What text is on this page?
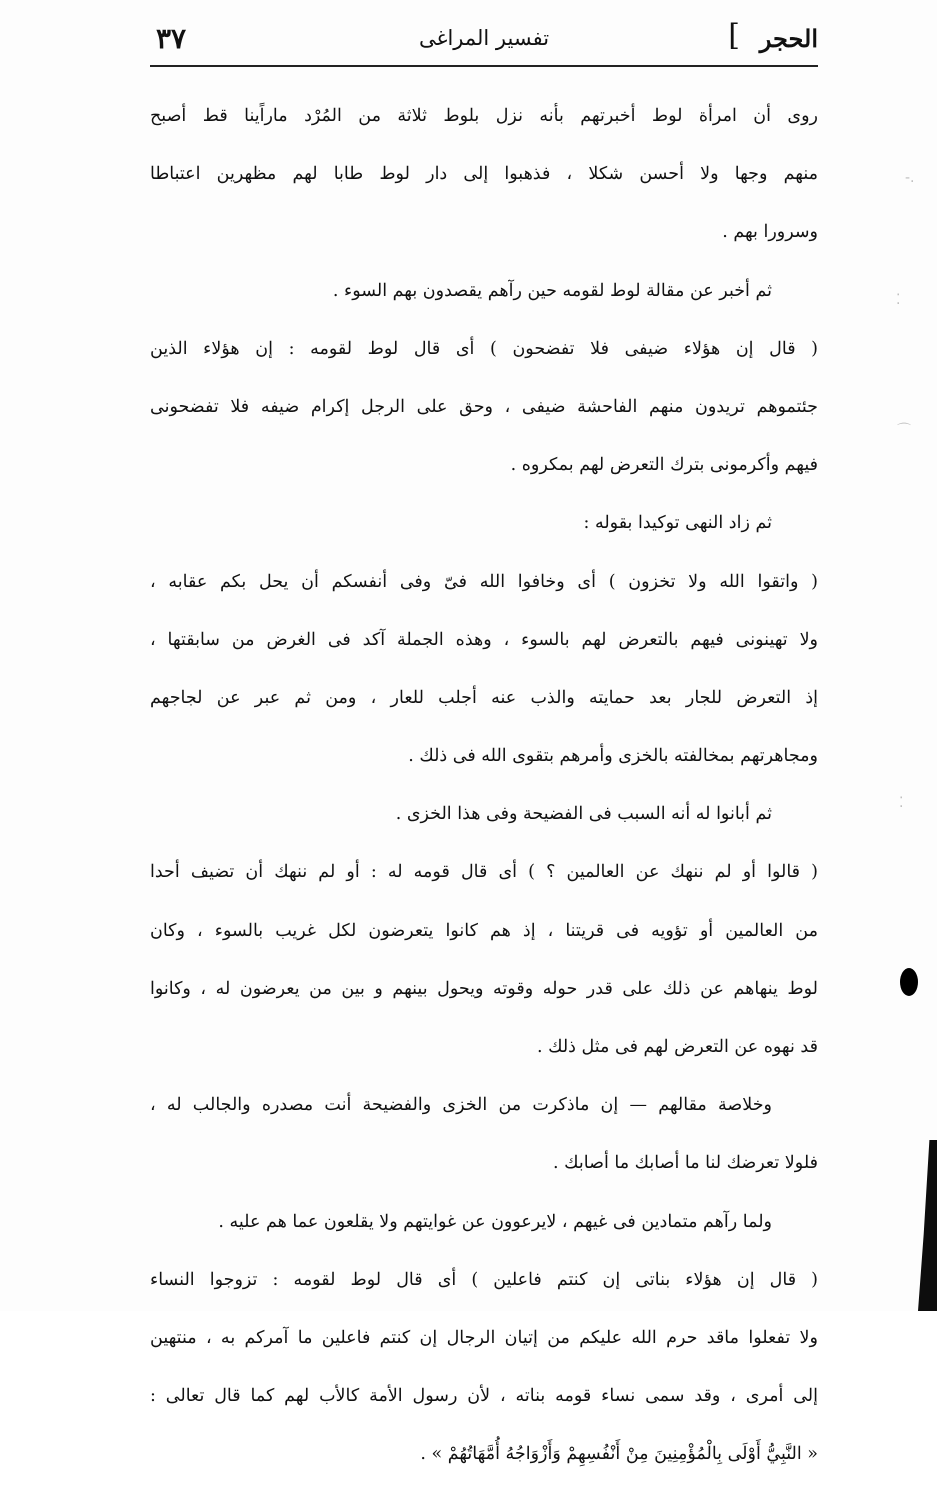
الحجر
]
تفسير المراغى
٣٧
روى أن امرأة لوط أخبرتهم بأنه نزل بلوط ثلاثة من المُرْد ماراًينا قط أصبح
منهم وجها ولا أحسن شكلا ، فذهبوا إلى دار لوط طابا لهم مظهرين اعتباطا
وسرورا بهم .
ثم أخبر عن مقالة لوط لقومه حين رآهم يقصدون بهم السوء .
( قال إن هؤلاء ضيفى فلا تفضحون ) أى قال لوط لقومه : إن هؤلاء الذين
جئتموهم تريدون منهم الفاحشة ضيفى ، وحق على الرجل إكرام ضيفه فلا تفضحونى
فيهم وأكرمونى بترك التعرض لهم بمكروه .
ثم زاد النهى توكيدا بقوله :
( واتقوا الله ولا تخزون ) أى وخافوا الله فىّ وفى أنفسكم أن يحل بكم عقابه ،
ولا تهينونى فيهم بالتعرض لهم بالسوء ، وهذه الجملة آكد فى الغرض من سابقتها ،
إذ التعرض للجار بعد حمايته والذب عنه أجلب للعار ، ومن ثم عبر عن لجاجهم
ومجاهرتهم بمخالفته بالخزى وأمرهم بتقوى الله فى ذلك .
ثم أبانوا له أنه السبب فى الفضيحة وفى هذا الخزى .
( قالوا أو لم ننهك عن العالمين ؟ ) أى قال قومه له : أو لم ننهك أن تضيف أحدا
من العالمين أو تؤويه فى قريتنا ، إذ هم كانوا يتعرضون لكل غريب بالسوء ، وكان
لوط ينهاهم عن ذلك على قدر حوله وقوته ويحول بينهم و بين من يعرضون له ، وكانوا
قد نهوه عن التعرض لهم فى مثل ذلك .
وخلاصة مقالهم — إن ماذكرت من الخزى والفضيحة أنت مصدره والجالب له ،
فلولا تعرضك لنا ما أصابك ما أصابك .
ولما رآهم متمادين فى غيهم ، لايرعوون عن غوايتهم ولا يقلعون عما هم عليه .
( قال إن هؤلاء بناتى إن كنتم فاعلين ) أى قال لوط لقومه : تزوجوا النساء
ولا تفعلوا ماقد حرم الله عليكم من إتيان الرجال إن كنتم فاعلين ما آمركم به ، منتهين
إلى أمرى ، وقد سمى نساء قومه بناته ، لأن رسول الأمة كالأب لهم كما قال تعالى :
« النَّبِيُّ أَوْلَى بِالْمُؤْمِنِينَ مِنْ أَنْفُسِهِمْ وَأَزْوَاجُهُ أُمَّهَاتُهُمْ » .
-.
⁚
⌒
⁚
